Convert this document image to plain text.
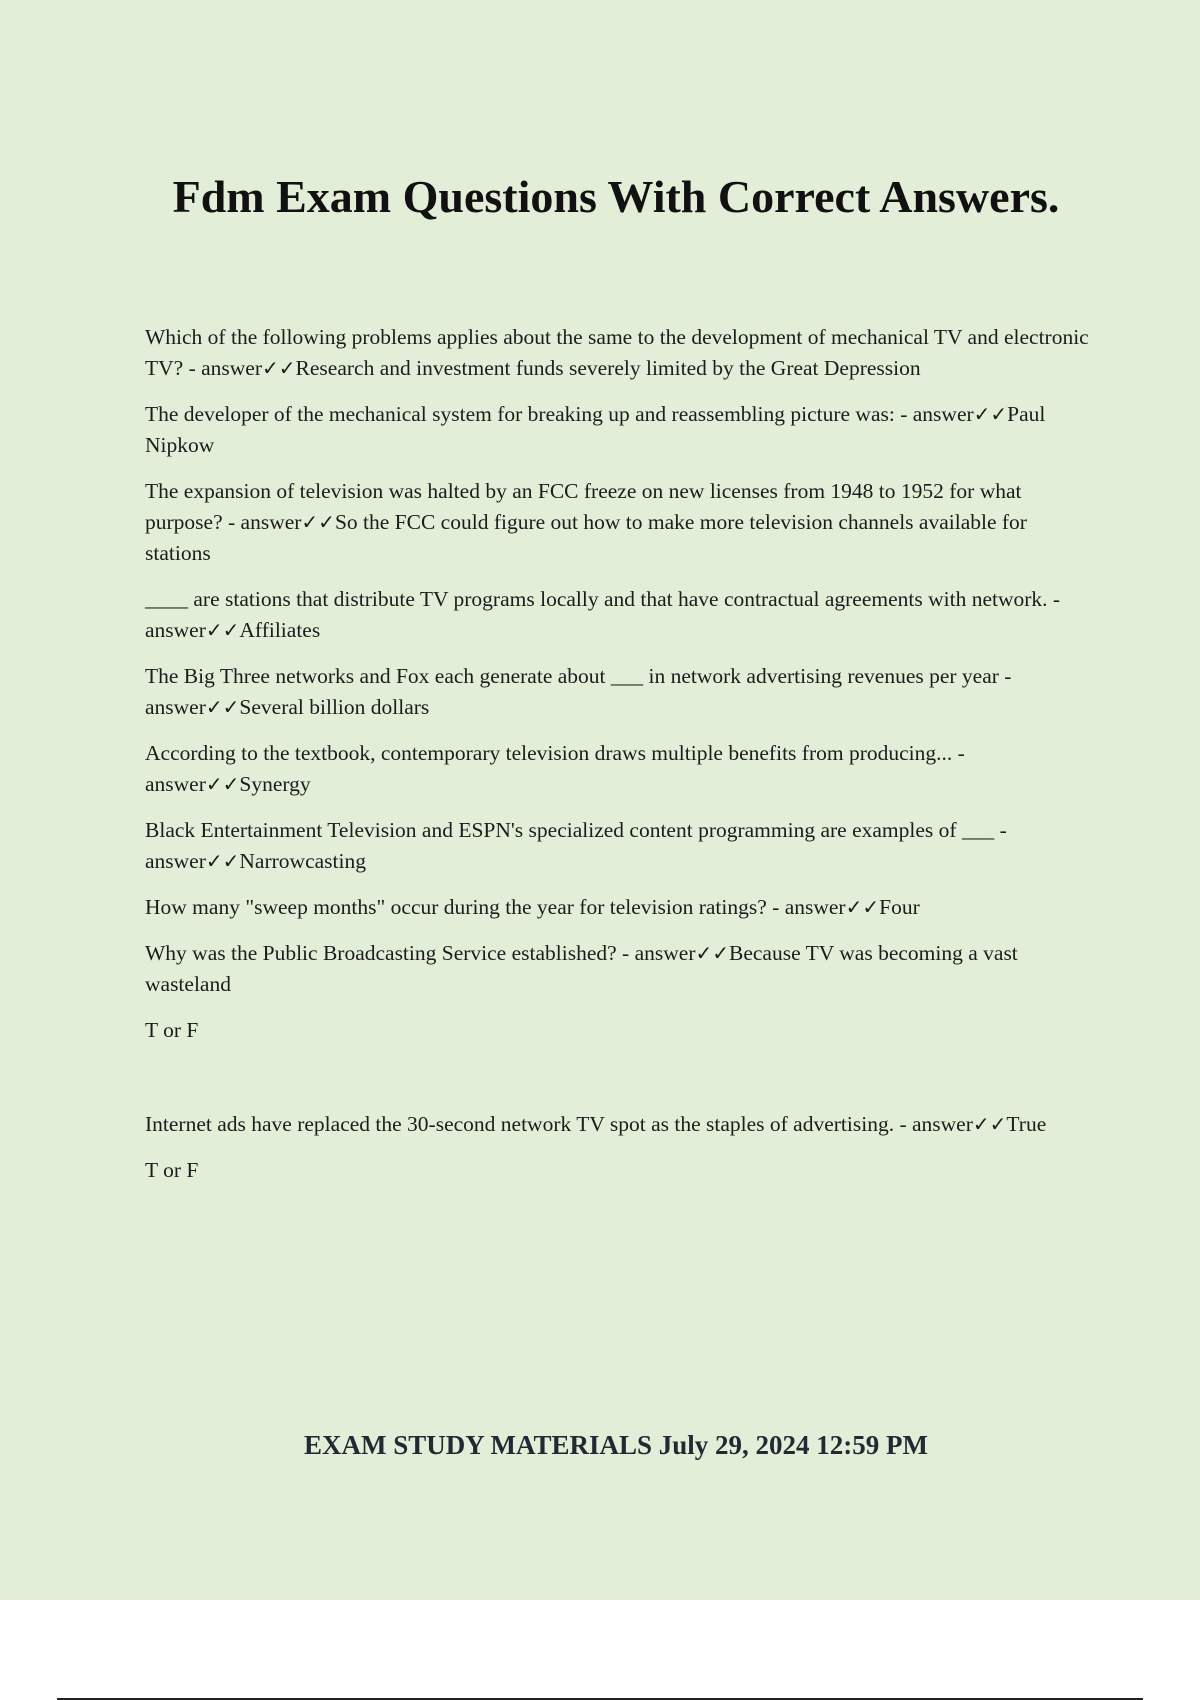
Fdm Exam Questions With Correct Answers.

Which of the following problems applies about the same to the development of mechanical TV and electronic TV? - answer✓✓Research and investment funds severely limited by the Great Depression

The developer of the mechanical system for breaking up and reassembling picture was: - answer✓✓Paul Nipkow

The expansion of television was halted by an FCC freeze on new licenses from 1948 to 1952 for what purpose? - answer✓✓So the FCC could figure out how to make more television channels available for stations

____ are stations that distribute TV programs locally and that have contractual agreements with network. - answer✓✓Affiliates

The Big Three networks and Fox each generate about ___ in network advertising revenues per year - answer✓✓Several billion dollars

According to the textbook, contemporary television draws multiple benefits from producing... - answer✓✓Synergy

Black Entertainment Television and ESPN's specialized content programming are examples of ___ - answer✓✓Narrowcasting

How many "sweep months" occur during the year for television ratings? - answer✓✓Four

Why was the Public Broadcasting Service established? - answer✓✓Because TV was becoming a vast wasteland

T or F

Internet ads have replaced the 30-second network TV spot as the staples of advertising. - answer✓✓True

T or F

EXAM STUDY MATERIALS July 29, 2024 12:59 PM
